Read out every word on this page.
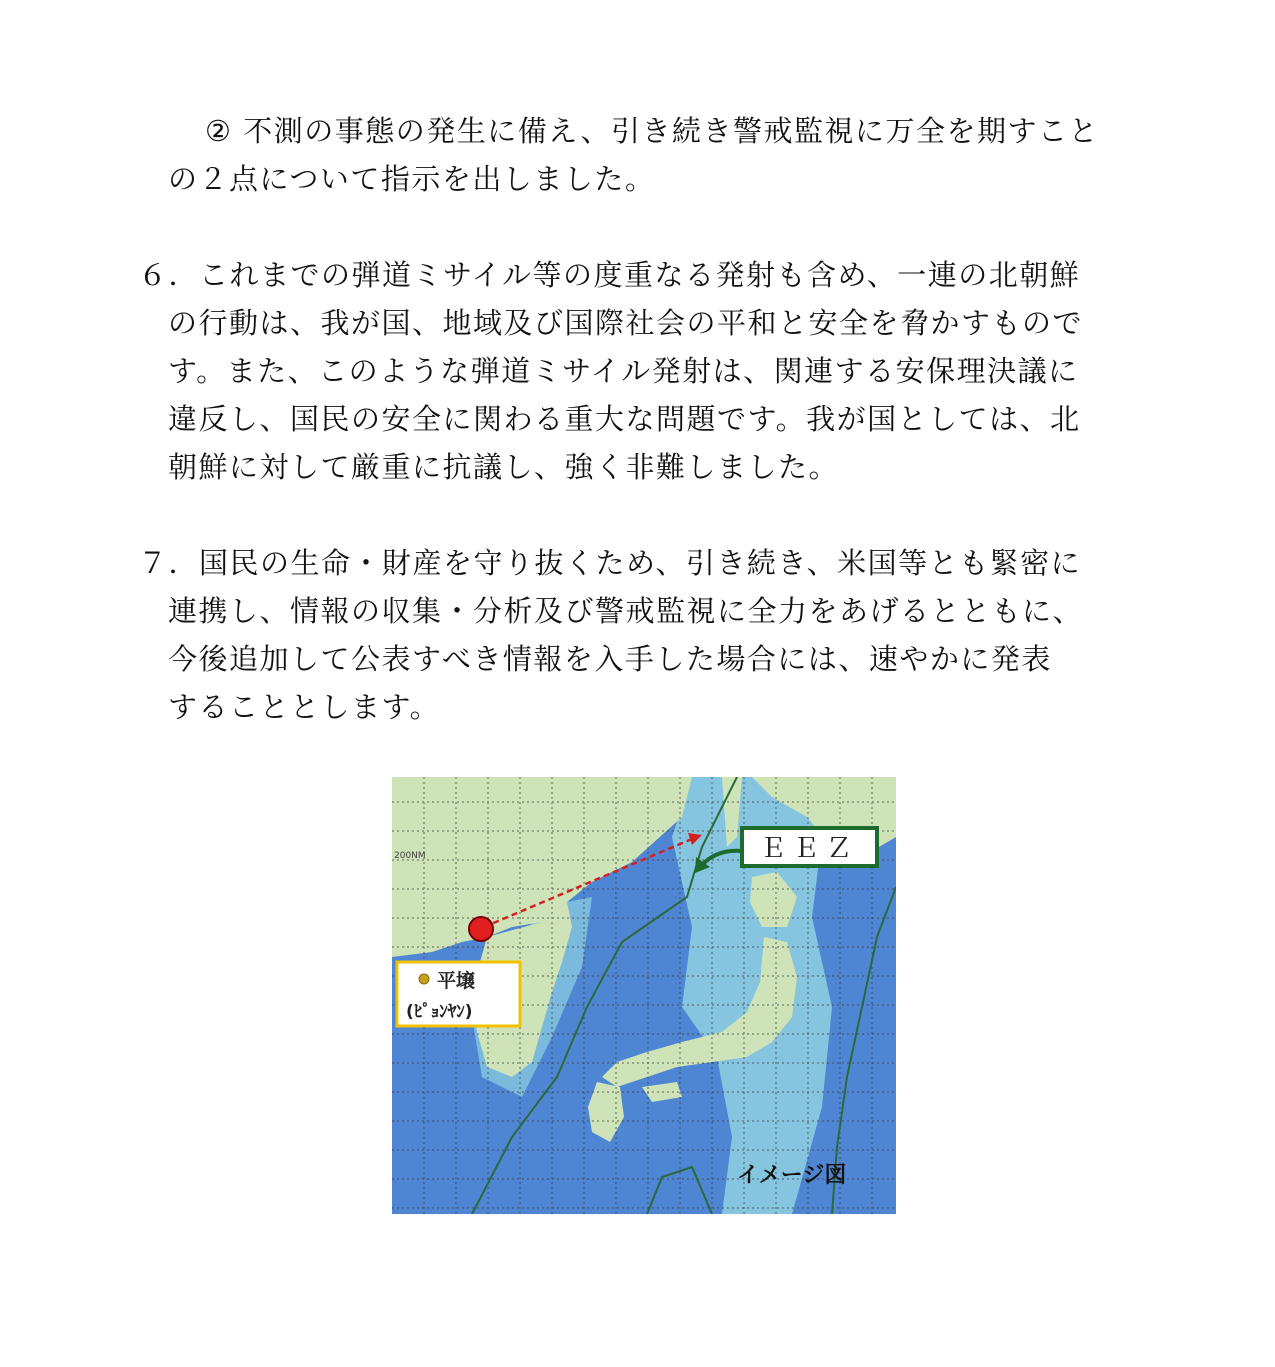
② 不測の事態の発生に備え、引き続き警戒監視に万全を期すこと
の２点について指示を出しました。
６．これまでの弾道ミサイル等の度重なる発射も含め、一連の北朝鮮
の行動は、我が国、地域及び国際社会の平和と安全を脅かすもので
す。また、このような弾道ミサイル発射は、関連する安保理決議に
違反し、国民の安全に関わる重大な問題です。我が国としては、北
朝鮮に対して厳重に抗議し、強く非難しました。
７．国民の生命・財産を守り抜くため、引き続き、米国等とも緊密に
連携し、情報の収集・分析及び警戒監視に全力をあげるとともに、
今後追加して公表すべき情報を入手した場合には、速やかに発表
することとします。
ＥＥＺ
平壌
(ﾋﾟｮﾝﾔﾝ)
200NM
イメージ図
